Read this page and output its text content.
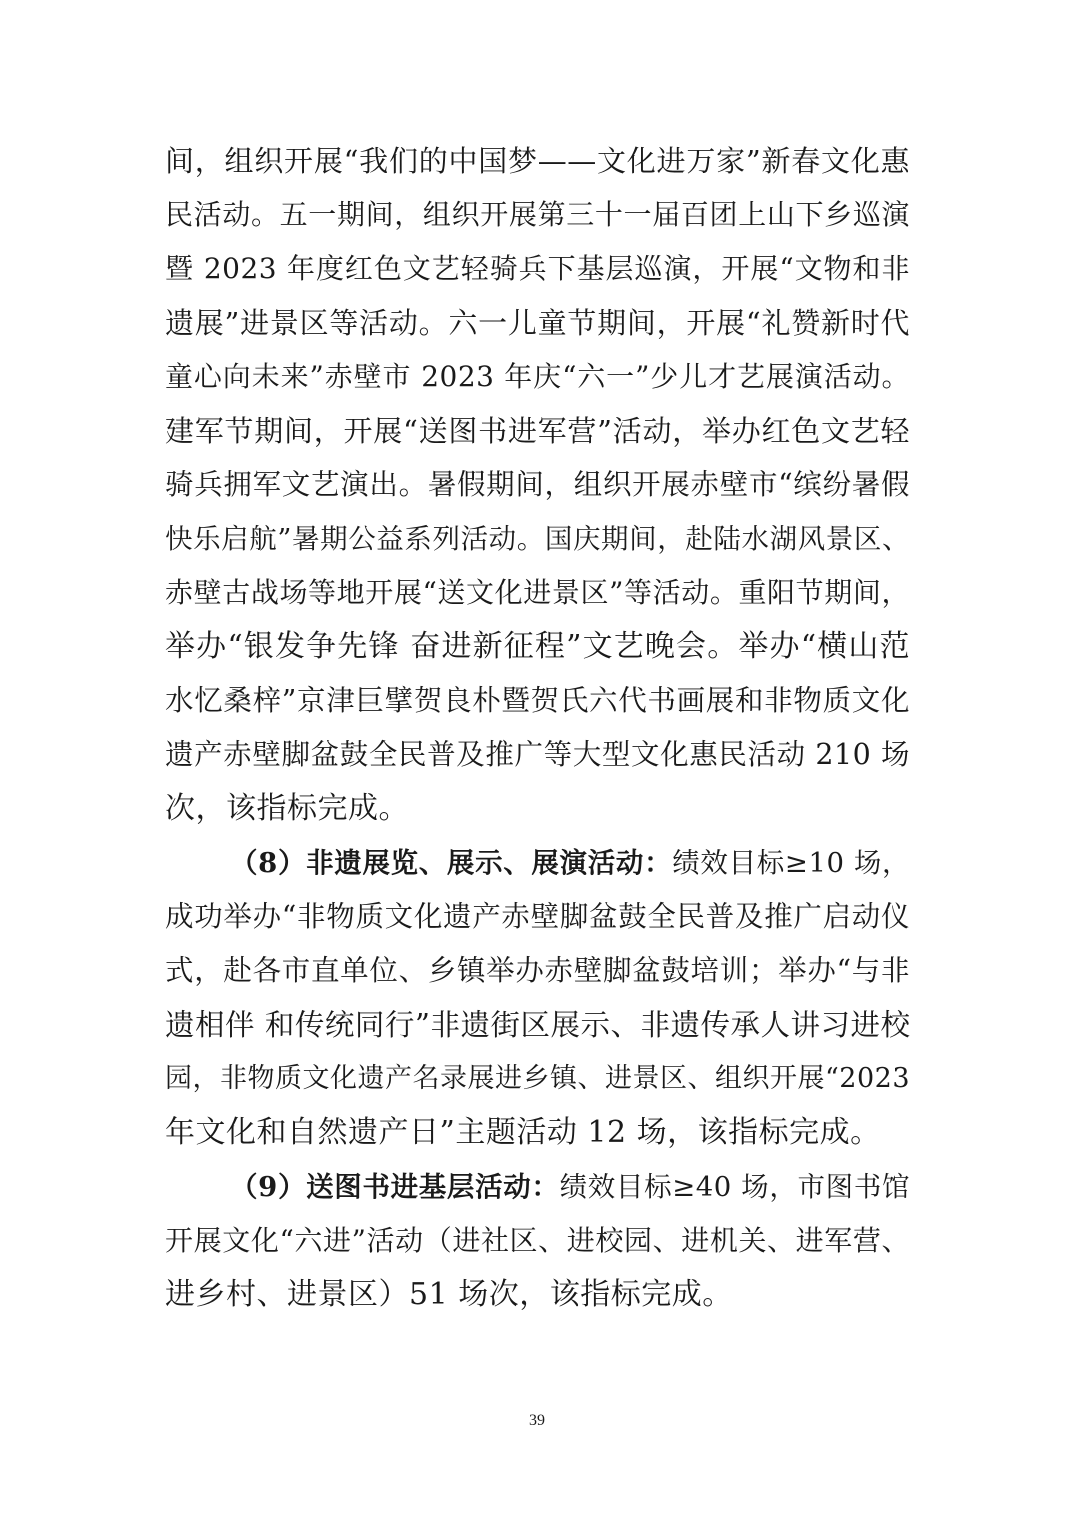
间，组织开展“我们的中国梦——文化进万家”新春文化惠
民活动。五一期间，组织开展第三十一届百团上山下乡巡演
暨 2023 年度红色文艺轻骑兵下基层巡演，开展“文物和非
遗展”进景区等活动。六一儿童节期间，开展“礼赞新时代
童心向未来”赤壁市 2023 年庆“六一”少儿才艺展演活动。
建军节期间，开展“送图书进军营”活动，举办红色文艺轻
骑兵拥军文艺演出。暑假期间，组织开展赤壁市“缤纷暑假
快乐启航”暑期公益系列活动。国庆期间，赴陆水湖风景区、
赤壁古战场等地开展“送文化进景区”等活动。重阳节期间，
举办“银发争先锋 奋进新征程”文艺晚会。举办“横山范
水忆桑梓”京津巨擘贺良朴暨贺氏六代书画展和非物质文化
遗产赤壁脚盆鼓全民普及推广等大型文化惠民活动 210 场
次，该指标完成。
（8）非遗展览、展示、展演活动：绩效目标≥10 场，
成功举办“非物质文化遗产赤壁脚盆鼓全民普及推广启动仪
式，赴各市直单位、乡镇举办赤壁脚盆鼓培训；举办“与非
遗相伴 和传统同行”非遗街区展示、非遗传承人讲习进校
园，非物质文化遗产名录展进乡镇、进景区、组织开展“2023
年文化和自然遗产日”主题活动 12 场，该指标完成。
（9）送图书进基层活动：绩效目标≥40 场，市图书馆
开展文化“六进”活动（进社区、进校园、进机关、进军营、
进乡村、进景区）51 场次，该指标完成。
39
